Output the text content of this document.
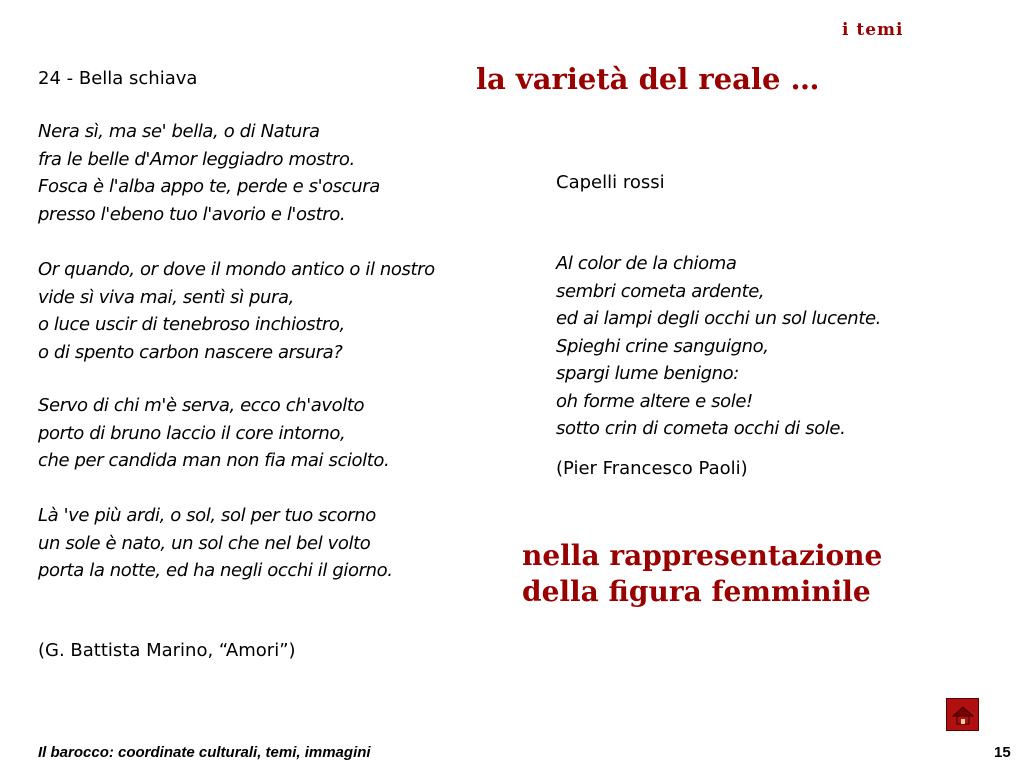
i temi
la varietà del reale …
24 - Bella schiava
Nera sì, ma se' bella, o di Natura
fra le belle d'Amor leggiadro mostro.
Fosca è l'alba appo te, perde e s'oscura
presso l'ebeno tuo l'avorio e l'ostro.
Or quando, or dove il mondo antico o il nostro
vide sì viva mai, sentì sì pura,
o luce uscir di tenebroso inchiostro,
o di spento carbon nascere arsura?
Servo di chi m'è serva, ecco ch'avolto
porto di bruno laccio il core intorno,
che per candida man non fia mai sciolto.
Là 've più ardi, o sol, sol per tuo scorno
un sole è nato, un sol che nel bel volto
porta la notte, ed ha negli occhi il giorno.
(G. Battista Marino, “Amori”)
Capelli rossi
Al color de la chioma
sembri cometa ardente,
ed ai lampi degli occhi un sol lucente.
Spieghi crine sanguigno,
spargi lume benigno:
oh forme altere e sole!
sotto crin di cometa occhi di sole.
(Pier Francesco Paoli)
nella rappresentazione
della figura femminile
Il barocco: coordinate culturali, temi, immagini	15
